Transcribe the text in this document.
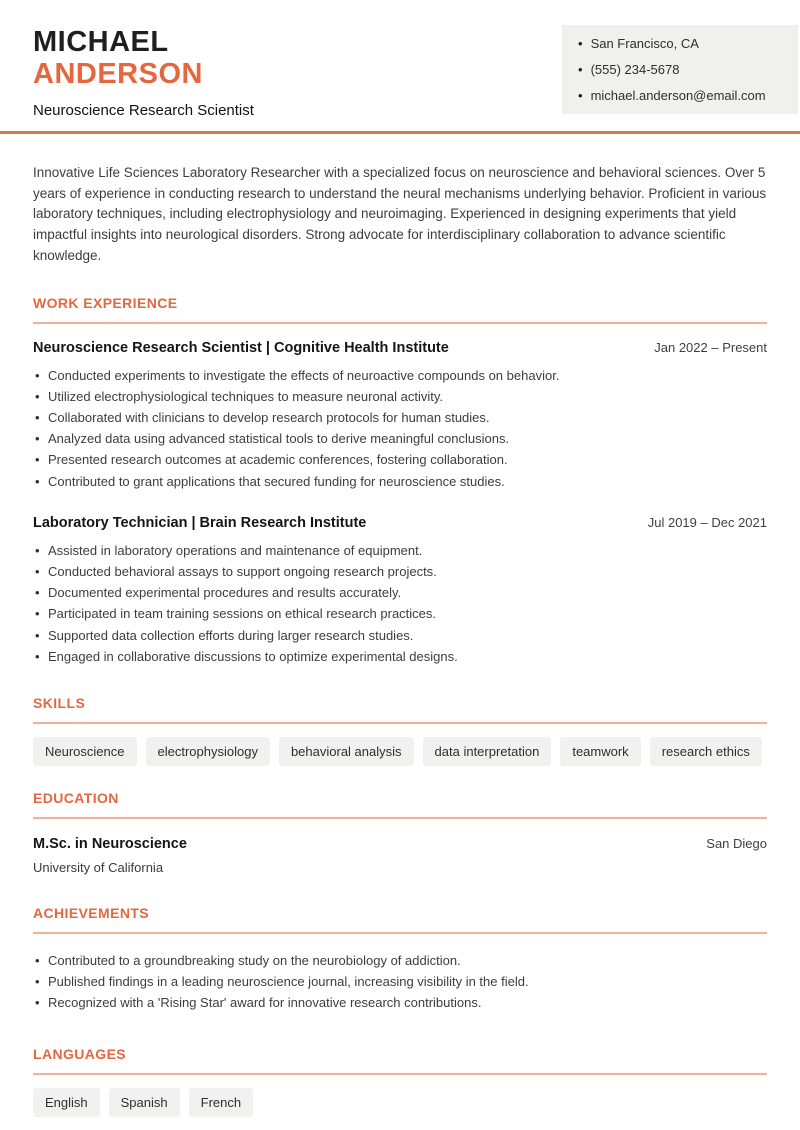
MICHAEL
ANDERSON
Neuroscience Research Scientist
• San Francisco, CA
• (555) 234-5678
• michael.anderson@email.com

Innovative Life Sciences Laboratory Researcher with a specialized focus on neuroscience and behavioral sciences. Over 5 years of experience in conducting research to understand the neural mechanisms underlying behavior. Proficient in various laboratory techniques, including electrophysiology and neuroimaging. Experienced in designing experiments that yield impactful insights into neurological disorders. Strong advocate for interdisciplinary collaboration to advance scientific knowledge.

WORK EXPERIENCE
Neuroscience Research Scientist | Cognitive Health Institute	Jan 2022 – Present
• Conducted experiments to investigate the effects of neuroactive compounds on behavior.
• Utilized electrophysiological techniques to measure neuronal activity.
• Collaborated with clinicians to develop research protocols for human studies.
• Analyzed data using advanced statistical tools to derive meaningful conclusions.
• Presented research outcomes at academic conferences, fostering collaboration.
• Contributed to grant applications that secured funding for neuroscience studies.
Laboratory Technician | Brain Research Institute	Jul 2019 – Dec 2021
• Assisted in laboratory operations and maintenance of equipment.
• Conducted behavioral assays to support ongoing research projects.
• Documented experimental procedures and results accurately.
• Participated in team training sessions on ethical research practices.
• Supported data collection efforts during larger research studies.
• Engaged in collaborative discussions to optimize experimental designs.
SKILLS
Neuroscience	electrophysiology	behavioral analysis	data interpretation	teamwork	research ethics
EDUCATION
M.Sc. in Neuroscience	San Diego
University of California
ACHIEVEMENTS
• Contributed to a groundbreaking study on the neurobiology of addiction.
• Published findings in a leading neuroscience journal, increasing visibility in the field.
• Recognized with a 'Rising Star' award for innovative research contributions.
LANGUAGES
English	Spanish	French
